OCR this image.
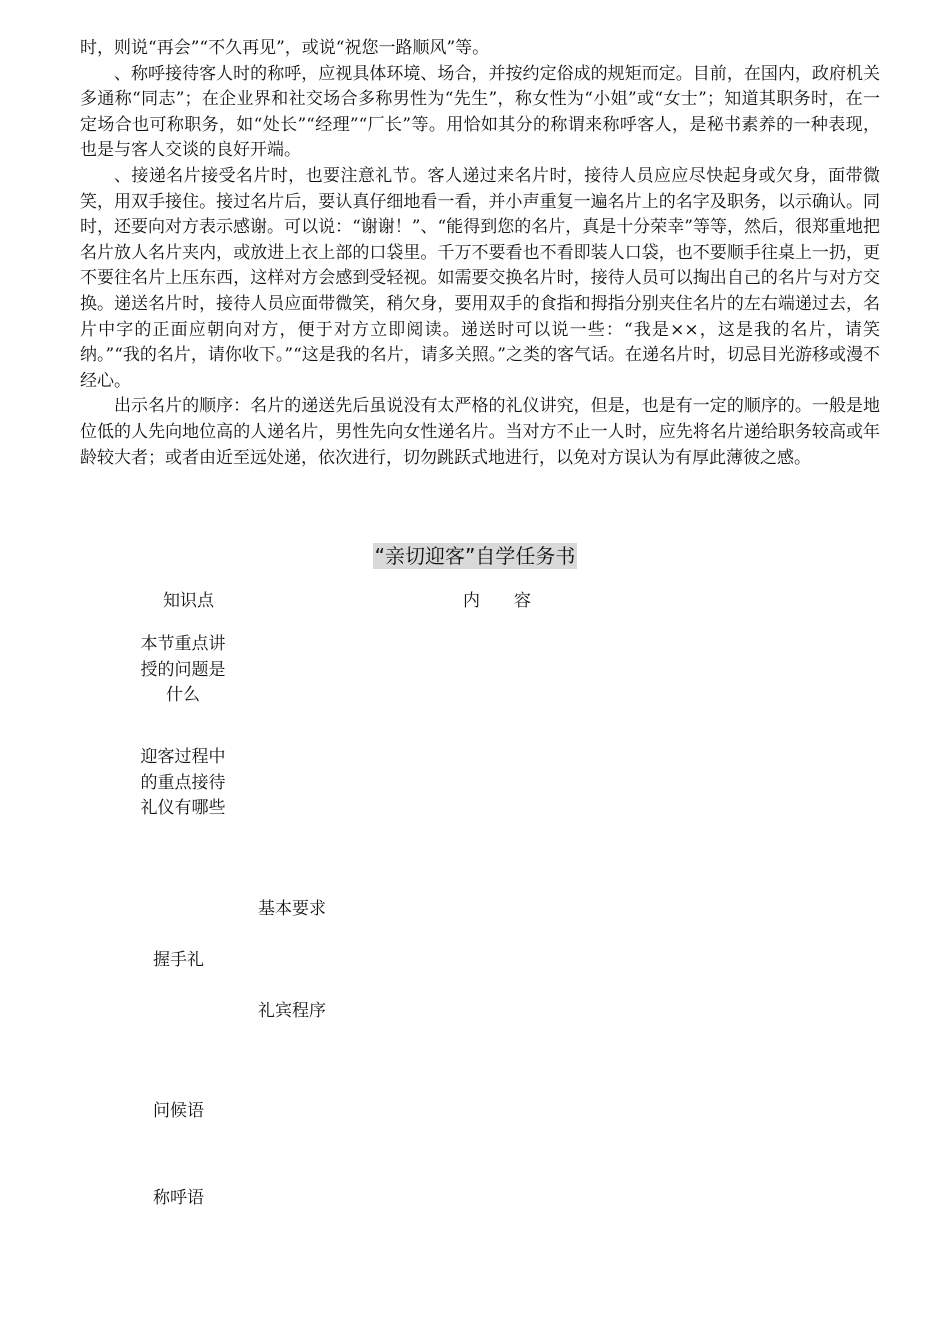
时，则说“再会”“不久再见”，或说“祝您一路顺风”等。

、称呼接待客人时的称呼，应视具体环境、场合，并按约定俗成的规矩而定。目前，在国内，政府机关多通称“同志”；在企业界和社交场合多称男性为“先生”，称女性为“小姐”或“女士”；知道其职务时，在一定场合也可称职务，如“处长”“经理”“厂长”等。用恰如其分的称谓来称呼客人，是秘书素养的一种表现，也是与客人交谈的良好开端。

、接递名片接受名片时，也要注意礼节。客人递过来名片时，接待人员应应尽快起身或欠身，面带微笑，用双手接住。接过名片后，要认真仔细地看一看，并小声重复一遍名片上的名字及职务，以示确认。同时，还要向对方表示感谢。可以说：“谢谢！”、“能得到您的名片，真是十分荣幸”等等，然后，很郑重地把名片放人名片夹内，或放进上衣上部的口袋里。千万不要看也不看即装人口袋，也不要顺手往桌上一扔，更不要往名片上压东西，这样对方会感到受轻视。如需要交换名片时，接待人员可以掏出自己的名片与对方交换。递送名片时，接待人员应面带微笑，稍欠身，要用双手的食指和拇指分别夹住名片的左右端递过去，名片中字的正面应朝向对方，便于对方立即阅读。递送时可以说一些：“我是××，这是我的名片，请笑纳。”“我的名片，请你收下。”“这是我的名片，请多关照。”之类的客气话。在递名片时，切忌目光游移或漫不经心。

出示名片的顺序：名片的递送先后虽说没有太严格的礼仪讲究，但是，也是有一定的顺序的。一般是地位低的人先向地位高的人递名片，男性先向女性递名片。当对方不止一人时，应先将名片递给职务较高或年龄较大者；或者由近至远处递，依次进行，切勿跳跃式地进行，以免对方误认为有厚此薄彼之感。

“亲切迎客”自学任务书
知识点	内容
本节重点讲授的问题是什么
迎客过程中的重点接待礼仪有哪些
基本要求
握手礼
礼宾程序
问候语
称呼语
